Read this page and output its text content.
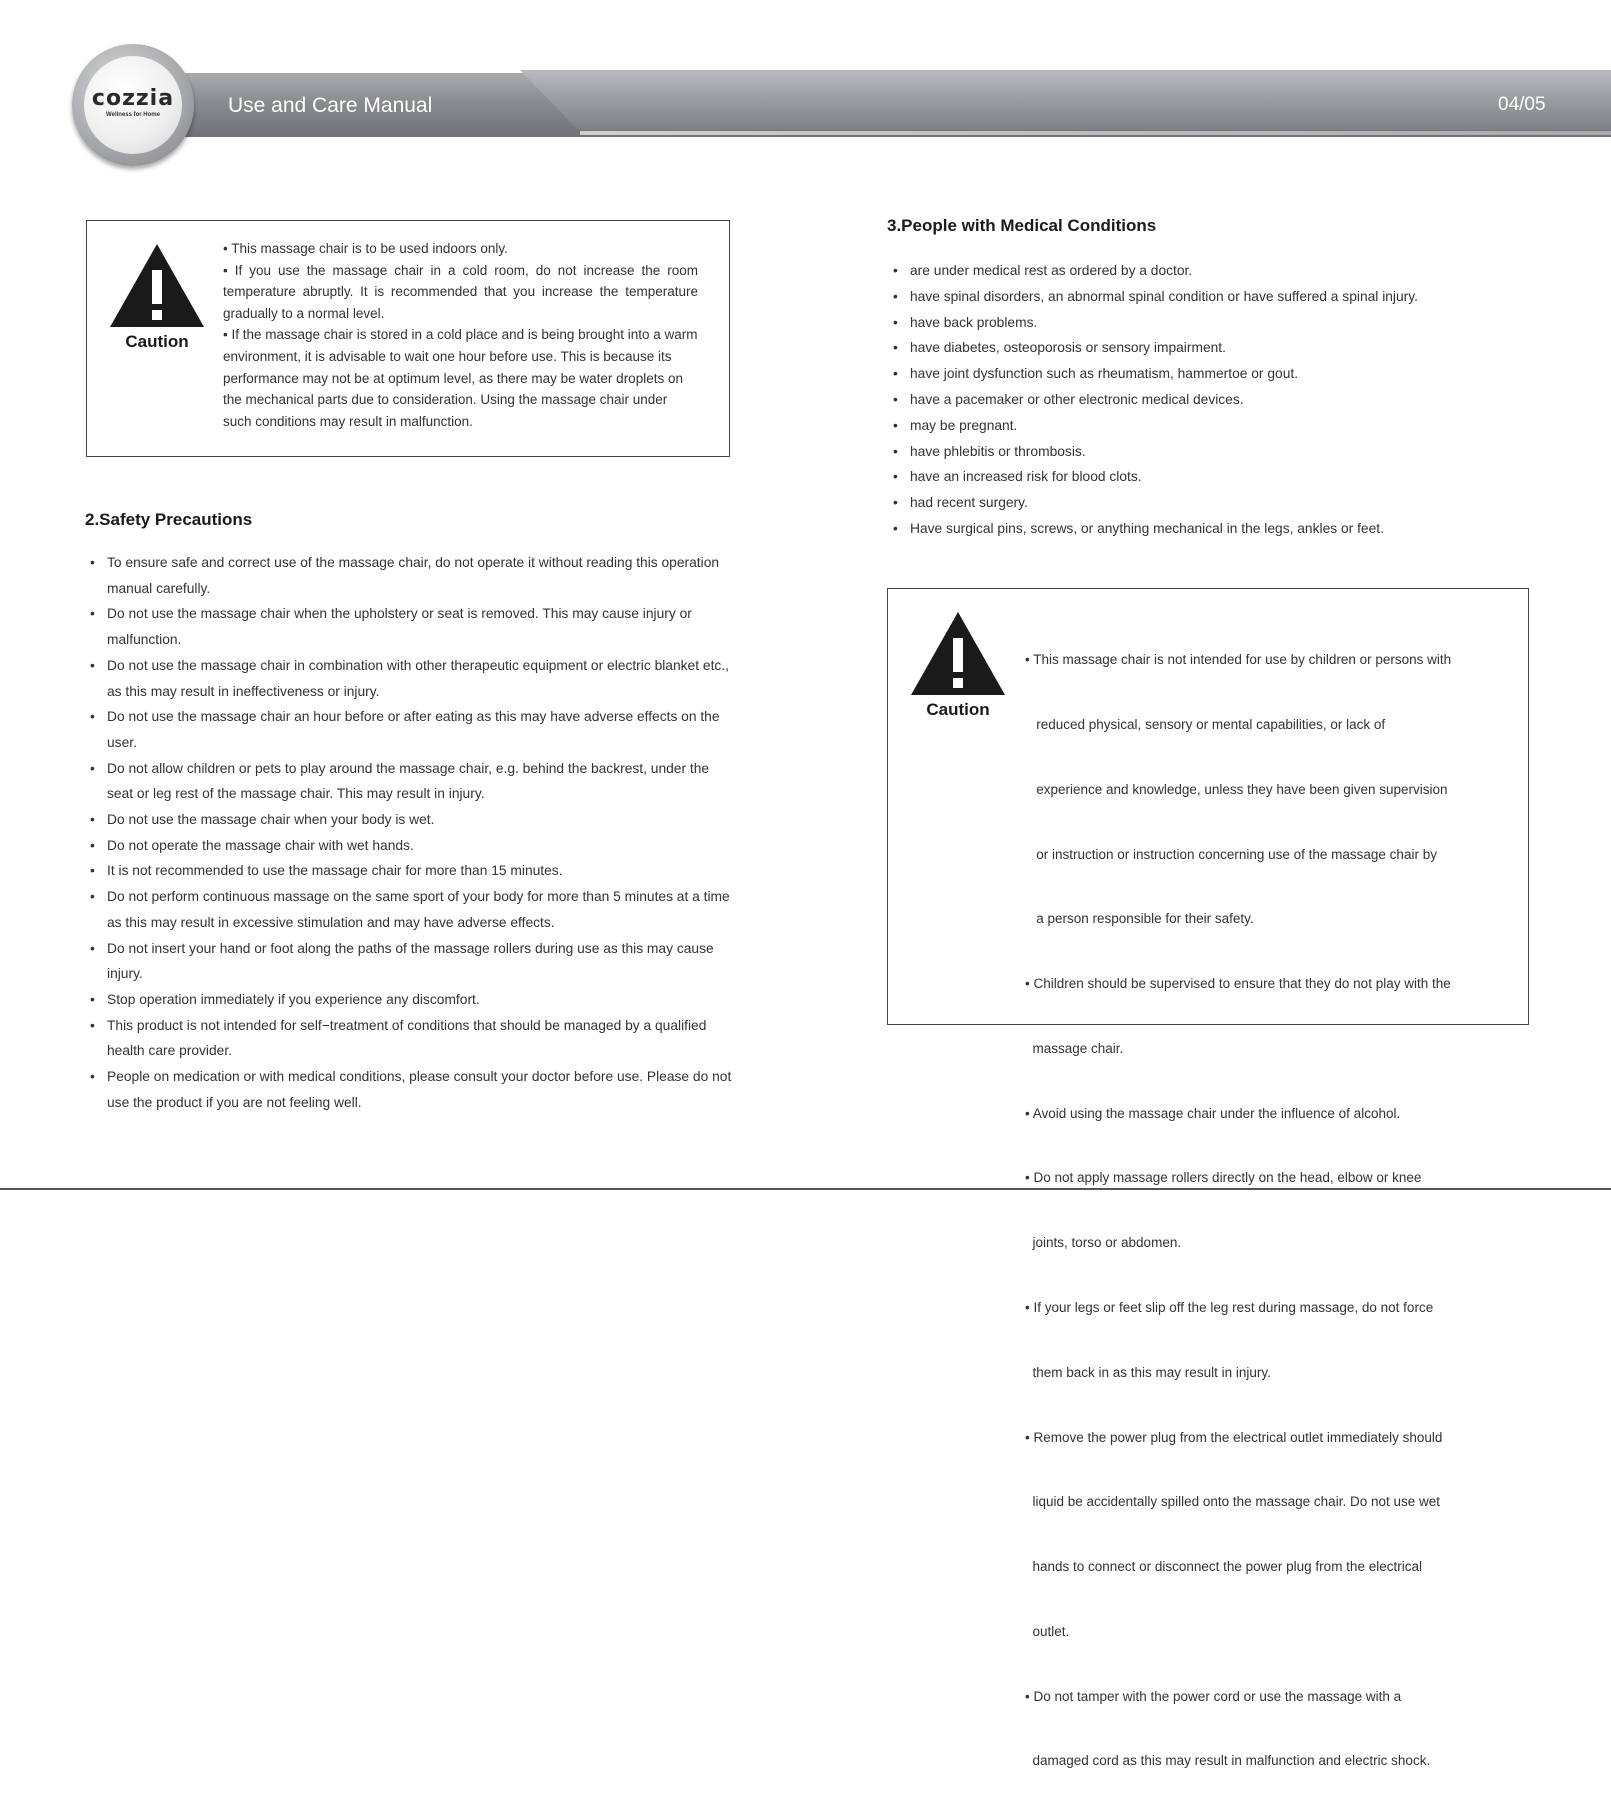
cozzia
Wellness for Home	Use and Care Manual	04/05
Caution

• This massage chair is to be used indoors only.

• If you use the massage chair in a cold room, do not increase the room temperature abruptly. It is recommended that you increase the temperature gradually to a normal level.

• If the massage chair is stored in a cold place and is being brought into a warm environment, it is advisable to wait one hour before use. This is because its performance may not be at optimum level, as there may be water droplets on the mechanical parts due to consideration. Using the massage chair under such conditions may result in malfunction.

2.Safety Precautions
• To ensure safe and correct use of the massage chair, do not operate it without reading this operation manual carefully.
• Do not use the massage chair when the upholstery or seat is removed. This may cause injury or malfunction.
• Do not use the massage chair in combination with other therapeutic equipment or electric blanket etc., as this may result in ineffectiveness or injury.
• Do not use the massage chair an hour before or after eating as this may have adverse effects on the user.
• Do not allow children or pets to play around the massage chair, e.g. behind the backrest, under the seat or leg rest of the massage chair. This may result in injury.
• Do not use the massage chair when your body is wet.
• Do not operate the massage chair with wet hands.
• It is not recommended to use the massage chair for more than 15 minutes.
• Do not perform continuous massage on the same sport of your body for more than 5 minutes at a time as this may result in excessive stimulation and may have adverse effects.
• Do not insert your hand or foot along the paths of the massage rollers during use as this may cause injury.
• Stop operation immediately if you experience any discomfort.
• This product is not intended for self−treatment of conditions that should be managed by a qualified health care provider.
• People on medication or with medical conditions, please consult your doctor before use. Please do not use the product if you are not feeling well.
3.People with Medical Conditions
• are under medical rest as ordered by a doctor.
• have spinal disorders, an abnormal spinal condition or have suffered a spinal injury.
• have back problems.
• have diabetes, osteoporosis or sensory impairment.
• have joint dysfunction such as rheumatism, hammertoe or gout.
• have a pacemaker or other electronic medical devices.
• may be pregnant.
• have phlebitis or thrombosis.
• have an increased risk for blood clots.
• had recent surgery.
• Have surgical pins, screws, or anything mechanical in the legs, ankles or feet.
Caution

• This massage chair is not intended for use by children or persons with

reduced physical, sensory or mental capabilities, or lack of

experience and knowledge, unless they have been given supervision

or instruction or instruction concerning use of the massage chair by

a person responsible for their safety.

• Children should be supervised to ensure that they do not play with the

massage chair.

• Avoid using the massage chair under the influence of alcohol.

• Do not apply massage rollers directly on the head, elbow or knee

joints, torso or abdomen.

• If your legs or feet slip off the leg rest during massage, do not force

them back in as this may result in injury.

• Remove the power plug from the electrical outlet immediately should

liquid be accidentally spilled onto the massage chair. Do not use wet

hands to connect or disconnect the power plug from the electrical

outlet.

• Do not tamper with the power cord or use the massage with a

damaged cord as this may result in malfunction and electric shock.
